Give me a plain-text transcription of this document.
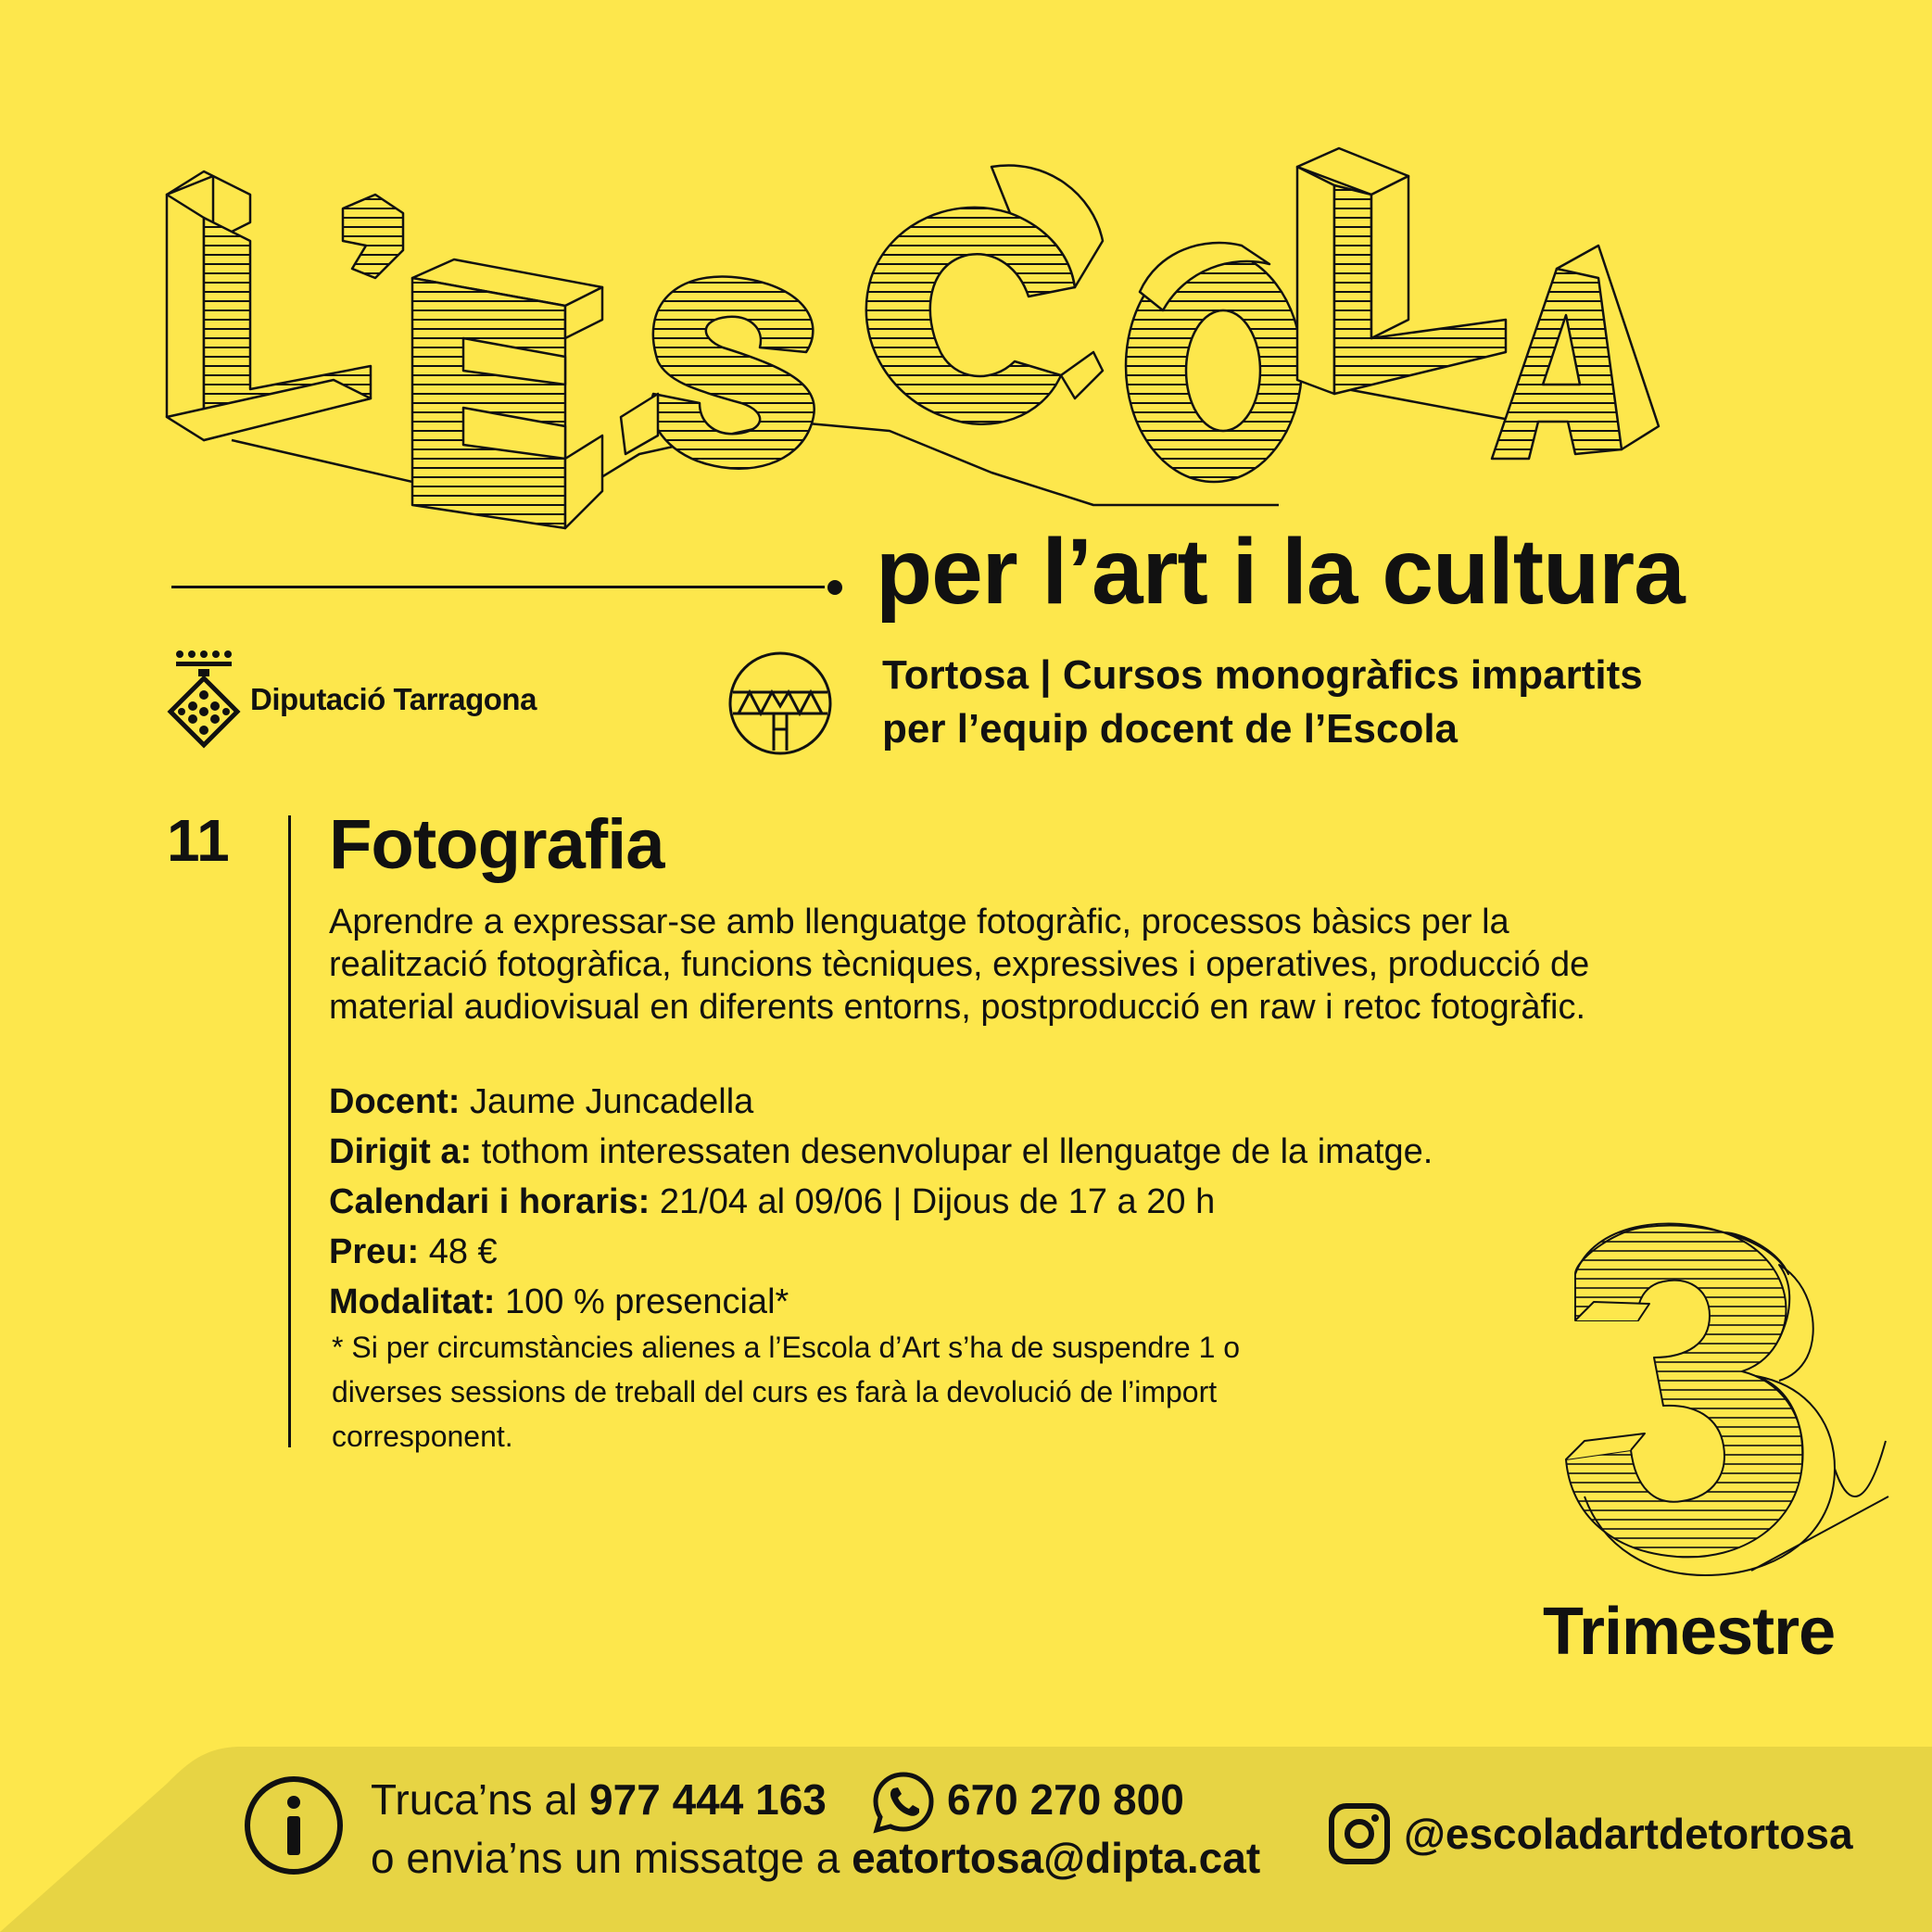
per l’art i la cultura
Diputació Tarragona
Tortosa | Cursos monogràfics impartits
per l’equip docent de l’Escola
11 Fotografia
Aprendre a expressar-se amb llenguatge fotogràfic, processos bàsics per la realització fotogràfica, funcions tècniques, expressives i operatives, producció de material audiovisual en diferents entorns, postproducció en raw i retoc fotogràfic.
Docent: Jaume Juncadella
Dirigit a: tothom interessaten desenvolupar el llenguatge de la imatge.
Calendari i horaris: 21/04 al 09/06 | Dijous de 17 a 20 h
Preu: 48 €
Modalitat: 100 % presencial*
* Si per circumstàncies alienes a l’Escola d’Art s’ha de suspendre 1 o diverses sessions de treball del curs es farà la devolució de l’import corresponent.
Trimestre
Truca’ns al 977 444 163	670 270 800
o envia’ns un missatge a eatortosa@dipta.cat	@escoladartdetortosa
